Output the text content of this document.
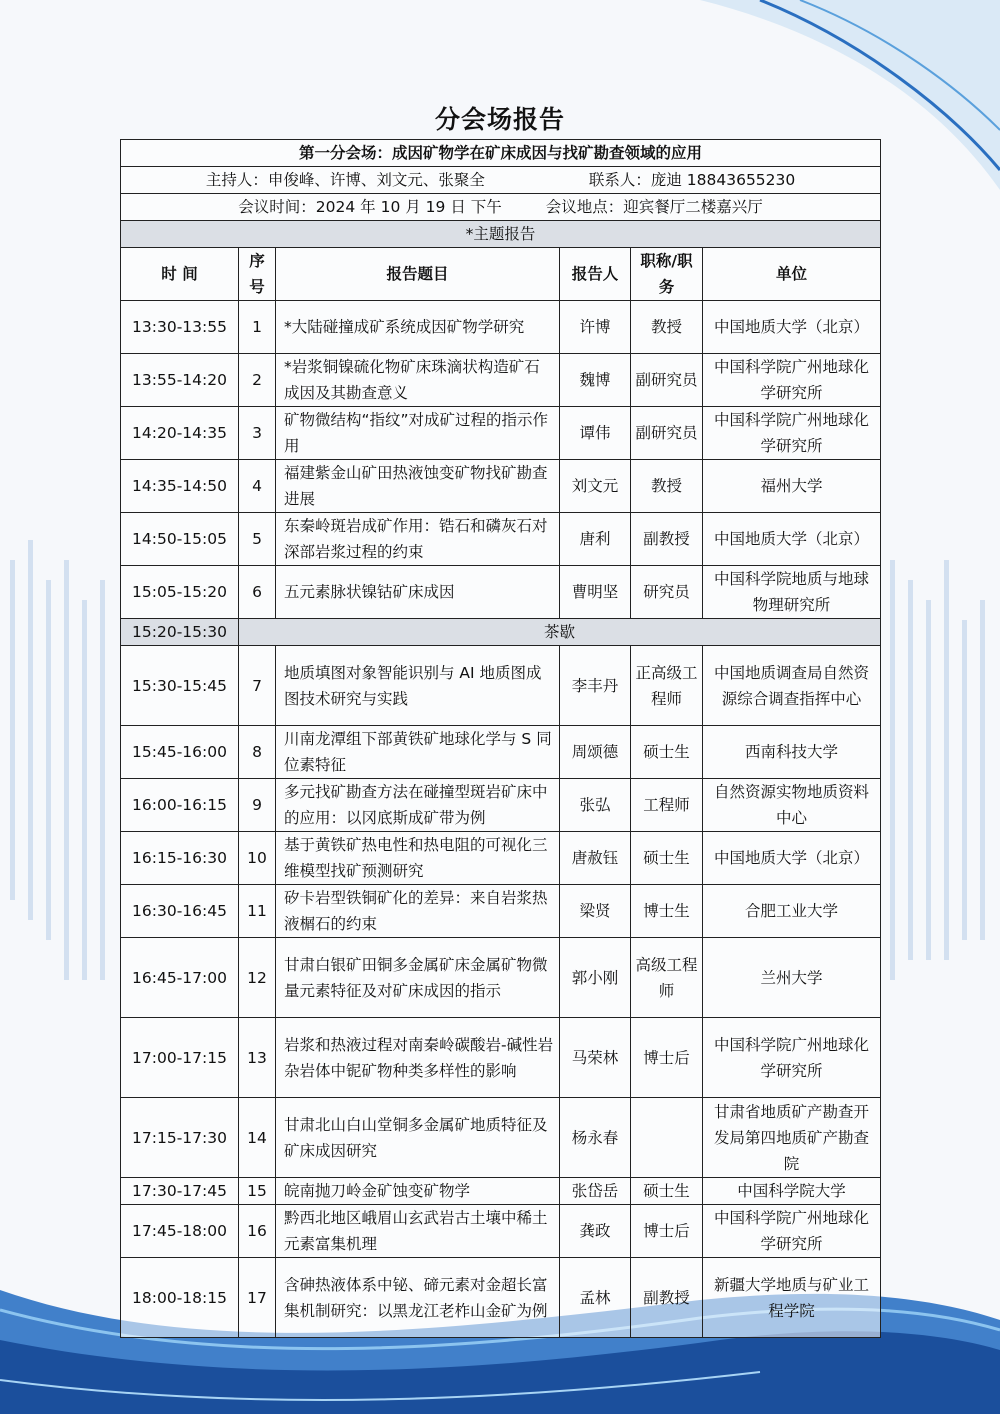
分会场报告
第一分会场：成因矿物学在矿床成因与找矿勘查领域的应用					
主持人：申俊峰、许博、刘文元、张聚全 联系人：庞迪 18843655230					
会议时间：2024 年 10 月 19 日 下午 会议地点：迎宾餐厅二楼嘉兴厅					
*主题报告					
时 间	序号	报告题目	报告人	职称/职务	单位
13:30-13:55	1	*大陆碰撞成矿系统成因矿物学研究	许博	教授	中国地质大学（北京）
13:55-14:20	2	*岩浆铜镍硫化物矿床珠滴状构造矿石成因及其勘查意义	魏博	副研究员	中国科学院广州地球化学研究所
14:20-14:35	3	矿物微结构“指纹”对成矿过程的指示作用	谭伟	副研究员	中国科学院广州地球化学研究所
14:35-14:50	4	福建紫金山矿田热液蚀变矿物找矿勘查进展	刘文元	教授	福州大学
14:50-15:05	5	东秦岭斑岩成矿作用：锆石和磷灰石对深部岩浆过程的约束	唐利	副教授	中国地质大学（北京）
15:05-15:20	6	五元素脉状镍钴矿床成因	曹明坚	研究员	中国科学院地质与地球物理研究所
15:20-15:30	茶歇				
15:30-15:45	7	地质填图对象智能识别与 AI 地质图成图技术研究与实践	李丰丹	正高级工程师	中国地质调查局自然资源综合调查指挥中心
15:45-16:00	8	川南龙潭组下部黄铁矿地球化学与 S 同位素特征	周颂德	硕士生	西南科技大学
16:00-16:15	9	多元找矿勘查方法在碰撞型斑岩矿床中的应用：以冈底斯成矿带为例	张弘	工程师	自然资源实物地质资料中心
16:15-16:30	10	基于黄铁矿热电性和热电阻的可视化三维模型找矿预测研究	唐赦钰	硕士生	中国地质大学（北京）
16:30-16:45	11	矽卡岩型铁铜矿化的差异：来自岩浆热液榍石的约束	梁贤	博士生	合肥工业大学
16:45-17:00	12	甘肃白银矿田铜多金属矿床金属矿物微量元素特征及对矿床成因的指示	郭小刚	高级工程师	兰州大学
17:00-17:15	13	岩浆和热液过程对南秦岭碳酸岩-碱性岩杂岩体中铌矿物种类多样性的影响	马荣林	博士后	中国科学院广州地球化学研究所
17:15-17:30	14	甘肃北山白山堂铜多金属矿地质特征及矿床成因研究	杨永春		甘肃省地质矿产勘查开发局第四地质矿产勘查院
17:30-17:45	15	皖南抛刀岭金矿蚀变矿物学	张岱岳	硕士生	中国科学院大学
17:45-18:00	16	黔西北地区峨眉山玄武岩古土壤中稀土元素富集机理	龚政	博士后	中国科学院广州地球化学研究所
18:00-18:15	17	含砷热液体系中铋、碲元素对金超长富集机制研究：以黑龙江老柞山金矿为例	孟林	副教授	新疆大学地质与矿业工程学院
